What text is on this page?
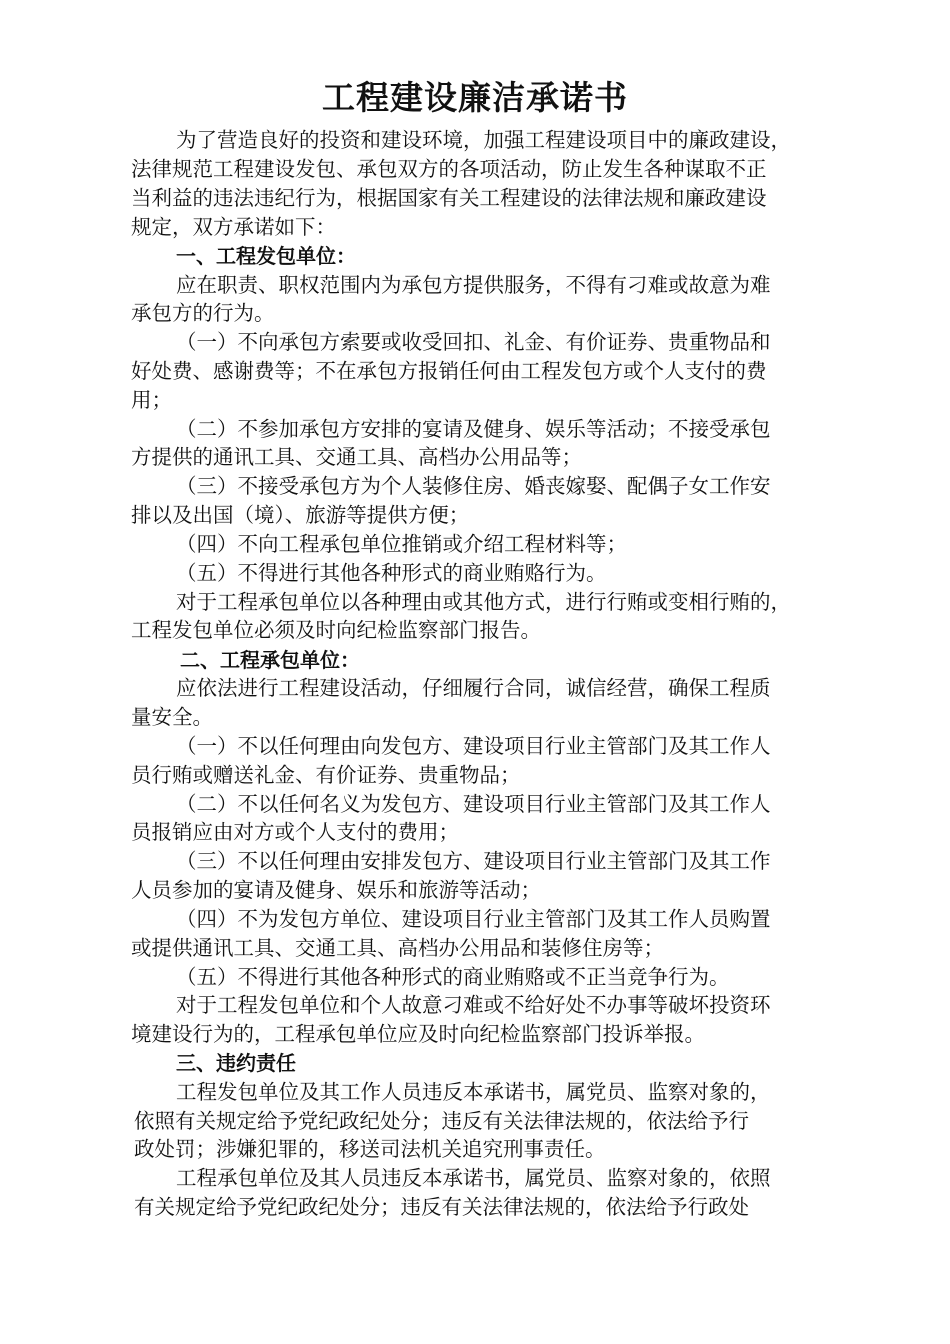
工程建设廉洁承诺书
为了营造良好的投资和建设环境，加强工程建设项目中的廉政建设，
法律规范工程建设发包、承包双方的各项活动，防止发生各种谋取不正
当利益的违法违纪行为，根据国家有关工程建设的法律法规和廉政建设
规定，双方承诺如下：
一、工程发包单位：
应在职责、职权范围内为承包方提供服务，不得有刁难或故意为难
承包方的行为。
（一）不向承包方索要或收受回扣、礼金、有价证券、贵重物品和
好处费、感谢费等；不在承包方报销任何由工程发包方或个人支付的费
用；
（二）不参加承包方安排的宴请及健身、娱乐等活动；不接受承包
方提供的通讯工具、交通工具、高档办公用品等；
（三）不接受承包方为个人装修住房、婚丧嫁娶、配偶子女工作安
排以及出国（境）、旅游等提供方便；
（四）不向工程承包单位推销或介绍工程材料等；
（五）不得进行其他各种形式的商业贿赂行为。
对于工程承包单位以各种理由或其他方式，进行行贿或变相行贿的，
工程发包单位必须及时向纪检监察部门报告。
二、工程承包单位：
应依法进行工程建设活动，仔细履行合同，诚信经营，确保工程质
量安全。
（一）不以任何理由向发包方、建设项目行业主管部门及其工作人
员行贿或赠送礼金、有价证券、贵重物品；
（二）不以任何名义为发包方、建设项目行业主管部门及其工作人
员报销应由对方或个人支付的费用；
（三）不以任何理由安排发包方、建设项目行业主管部门及其工作
人员参加的宴请及健身、娱乐和旅游等活动；
（四）不为发包方单位、建设项目行业主管部门及其工作人员购置
或提供通讯工具、交通工具、高档办公用品和装修住房等；
（五）不得进行其他各种形式的商业贿赂或不正当竞争行为。
对于工程发包单位和个人故意刁难或不给好处不办事等破坏投资环
境建设行为的，工程承包单位应及时向纪检监察部门投诉举报。
三、违约责任
工程发包单位及其工作人员违反本承诺书，属党员、监察对象的，
依照有关规定给予党纪政纪处分；违反有关法律法规的，依法给予行
政处罚；涉嫌犯罪的，移送司法机关追究刑事责任。
工程承包单位及其人员违反本承诺书，属党员、监察对象的，依照
有关规定给予党纪政纪处分；违反有关法律法规的，依法给予行政处
